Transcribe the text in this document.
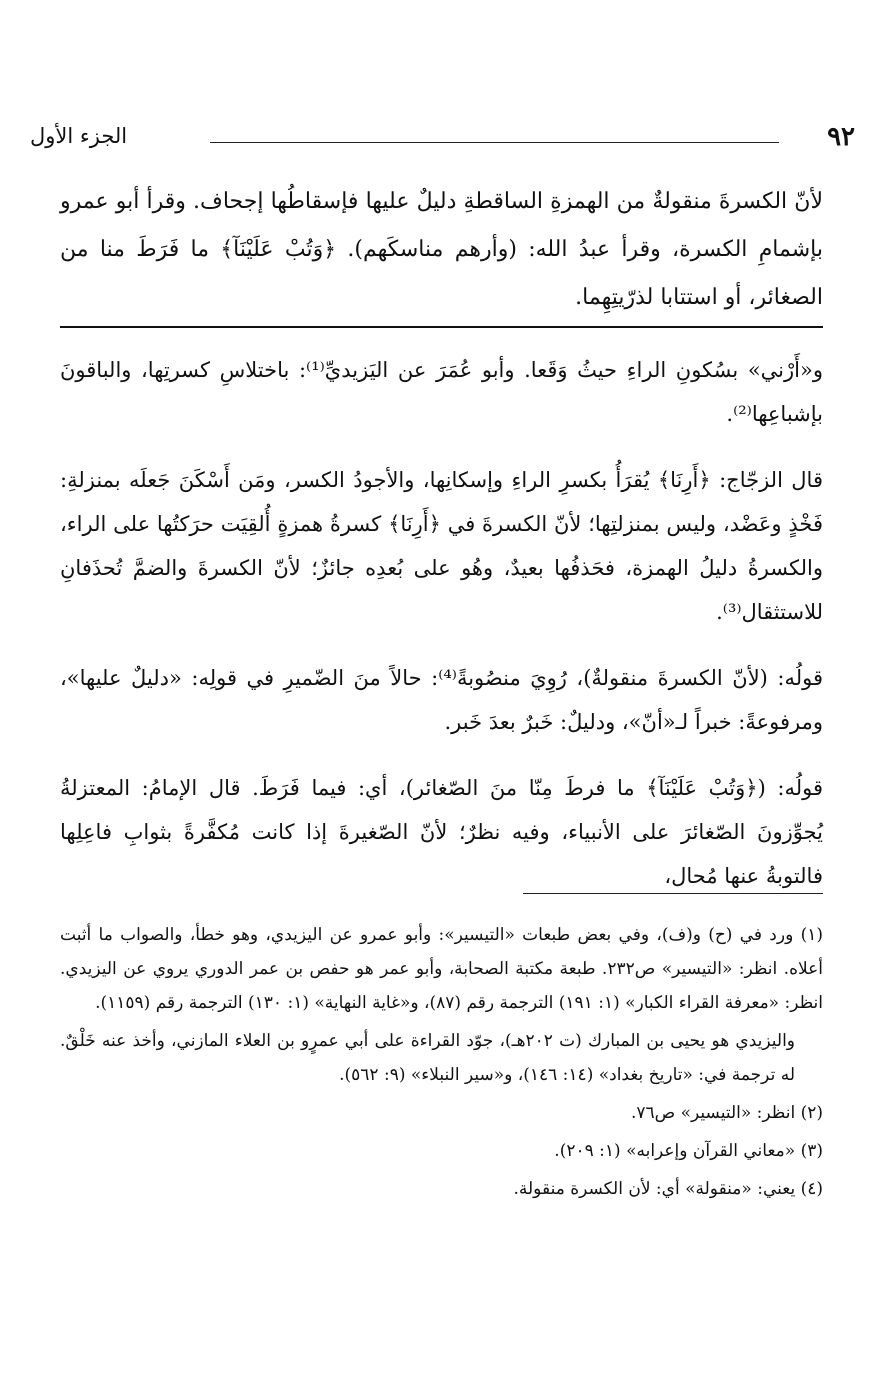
٩٢
الجزء الأول

لأنّ الكسرةَ منقولةٌ من الهمزةِ الساقطةِ دليلٌ عليها فإسقاطُها إجحاف. وقرأ أبو عمرو بإشمامِ الكسرة، وقرأ عبدُ الله: (وأرهم مناسكَهم). ﴿وَتُبْ عَلَيْنَآ﴾ ما فَرَطَ منا من الصغائر، أو استتابا لذرّيتِهِما.

و«أَرْني» بسُكونِ الراءِ حيثُ وَقَعا. وأبو عُمَرَ عن اليَزيديِّ⁽¹⁾: باختلاسِ كسرتِها، والباقونَ بإشباعِها⁽²⁾.

قال الزجّاج: ﴿أَرِنَا﴾ يُقرَأُ بكسرِ الراءِ وإسكانِها، والأجودُ الكسر، ومَن أَسْكَنَ جَعلَه بمنزلةِ: فَخْذٍ وعَضْد، وليس بمنزلتِها؛ لأنّ الكسرةَ في ﴿أَرِنَا﴾ كسرةُ همزةٍ أُلقِيَت حرَكتُها على الراء، والكسرةُ دليلُ الهمزة، فحَذفُها بعيدٌ، وهُو على بُعدِه جائزٌ؛ لأنّ الكسرةَ والضمَّ تُحذَفانِ للاستثقال⁽³⁾.

قولُه: (لأنّ الكسرةَ منقولةٌ)، رُوِيَ منصُوبةً⁽⁴⁾: حالاً منَ الضّميرِ في قولِه: «دليلٌ عليها»، ومرفوعةً: خبراً لـ«أنّ»، ودليلٌ: خَبرٌ بعدَ خَبر.

قولُه: (﴿وَتُبْ عَلَيْنَآ﴾ ما فرطَ مِنّا منَ الصّغائر)، أي: فيما فَرَطَ. قال الإمامُ: المعتزلةُ يُجوِّزونَ الصّغائرَ على الأنبياء، وفيه نظرٌ؛ لأنّ الصّغيرةَ إذا كانت مُكفَّرةً بثوابِ فاعِلِها فالتوبةُ عنها مُحال،

(١) ورد في (ح) و(ف)، وفي بعض طبعات «التيسير»: وأبو عمرو عن اليزيدي، وهو خطأ، والصواب ما أثبت أعلاه. انظر: «التيسير» ص٢٣٢. طبعة مكتبة الصحابة، وأبو عمر هو حفص بن عمر الدوري يروي عن اليزيدي. انظر: «معرفة القراء الكبار» (١: ١٩١) الترجمة رقم (٨٧)، و«غاية النهاية» (١: ١٣٠) الترجمة رقم (١١٥٩).

واليزيدي هو يحيى بن المبارك (ت ٢٠٢هـ)، جوّد القراءة على أبي عمرٍو بن العلاء المازني، وأخذ عنه خَلْقٌ. له ترجمة في: «تاريخ بغداد» (١٤: ١٤٦)، و«سير النبلاء» (٩: ٥٦٢).

(٢) انظر: «التيسير» ص٧٦.

(٣) «معاني القرآن وإعرابه» (١: ٢٠٩).

(٤) يعني: «منقولة» أي: لأن الكسرة منقولة.
